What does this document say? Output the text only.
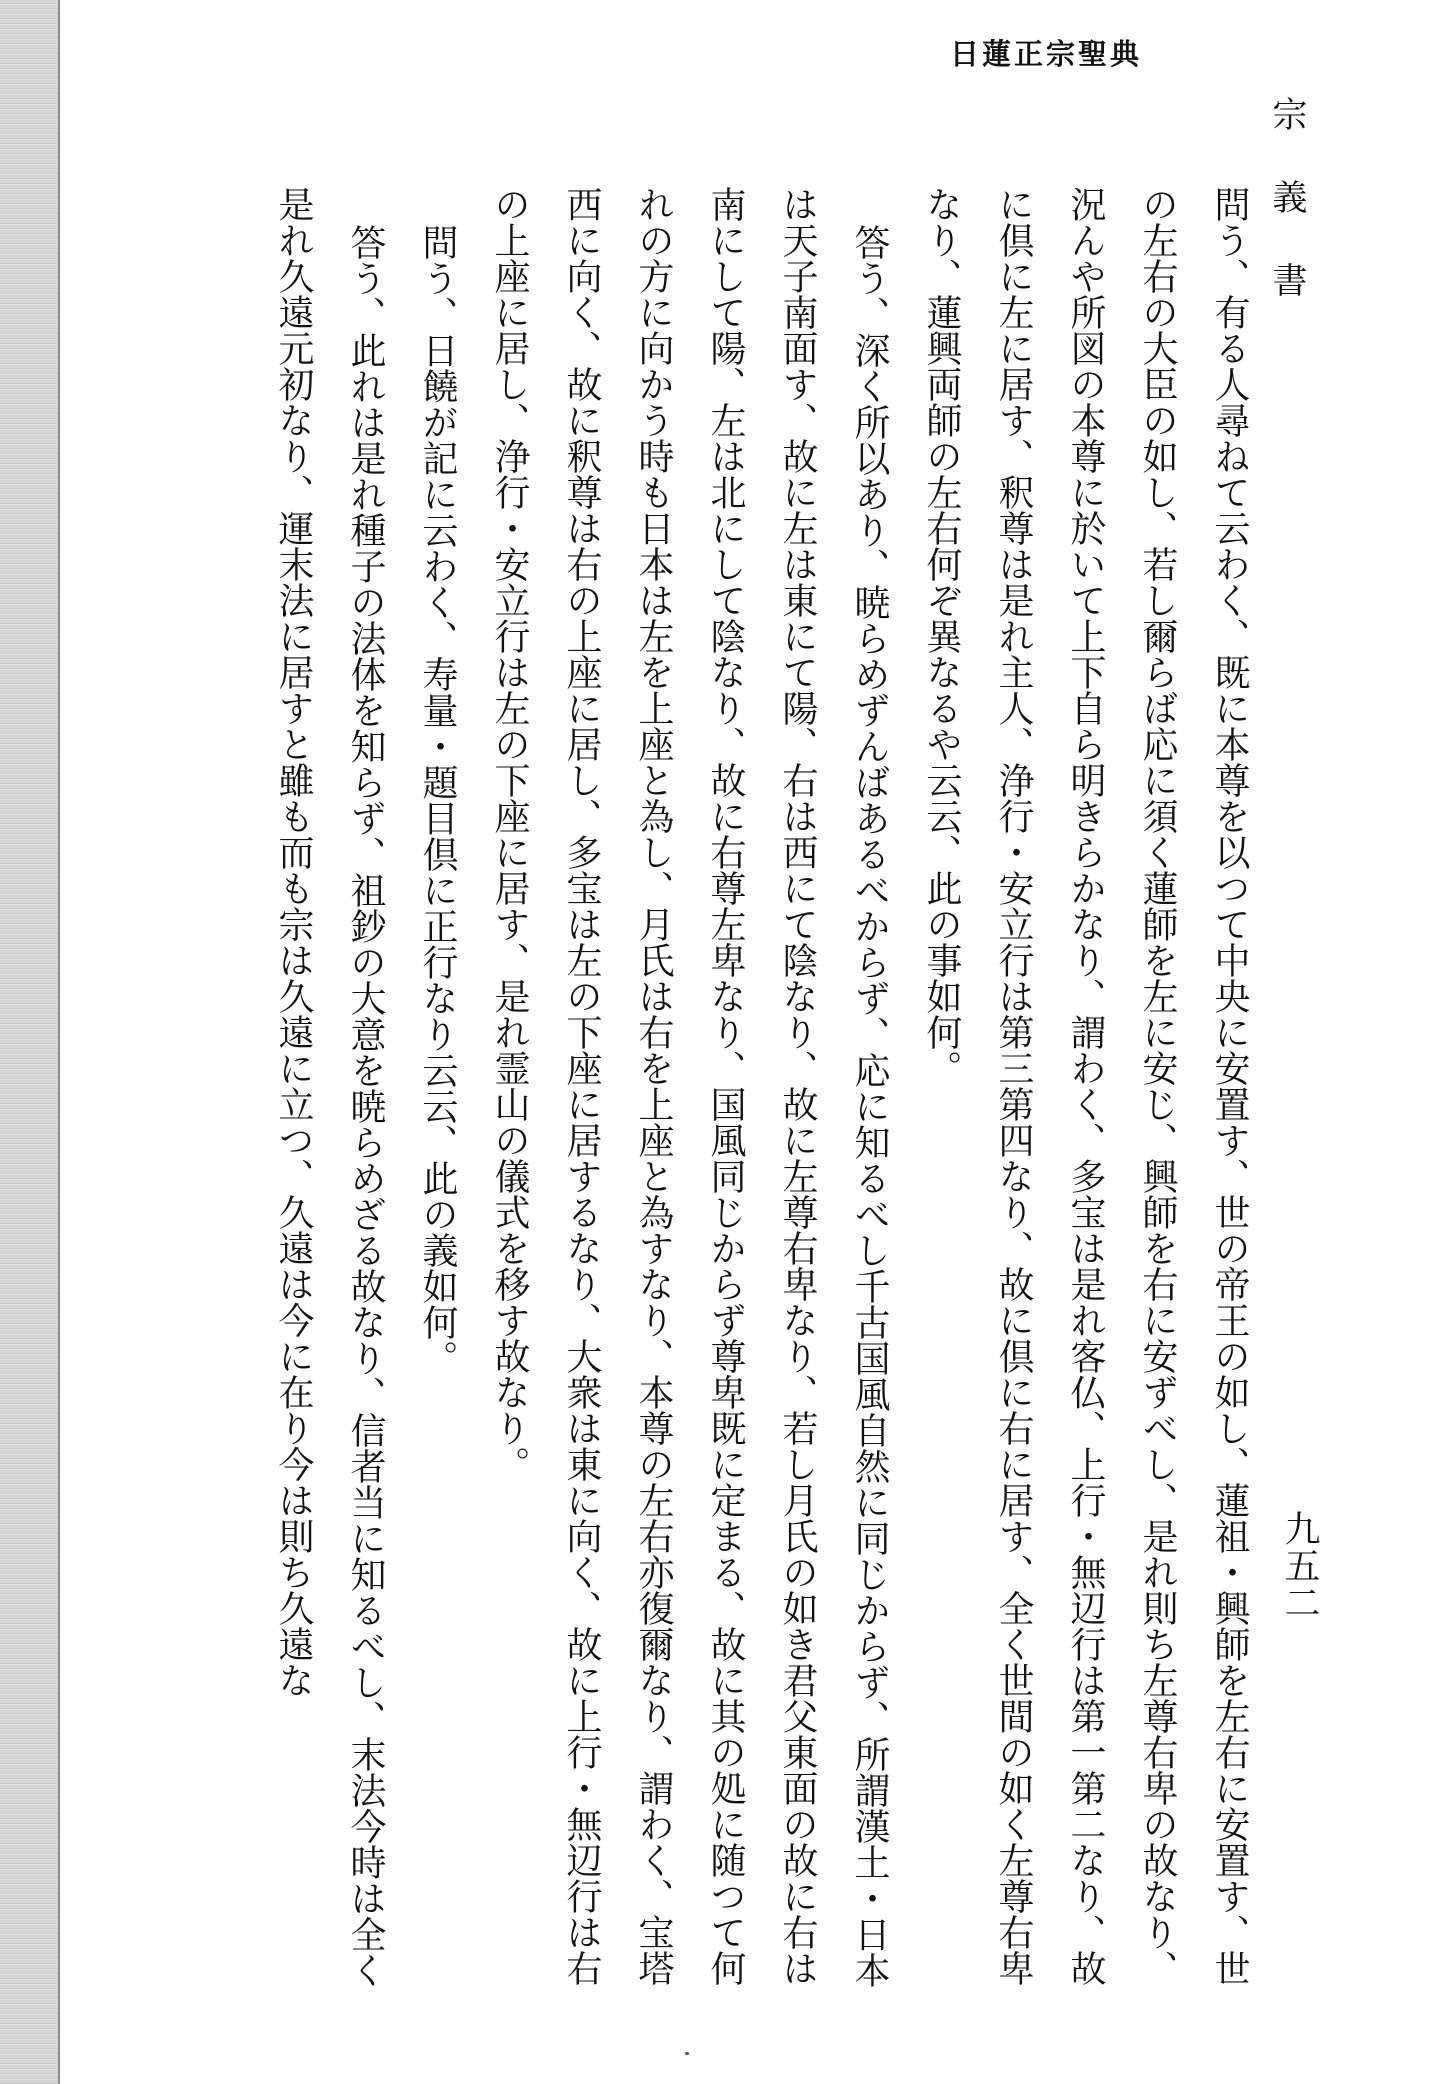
日蓮正宗聖典
宗義書
九五二

問う、有る人尋ねて云わく、既に本尊を以つて中央に安置す、世の帝王の如し、蓮祖・興師を左右に安置す、世の左右の大臣の如し、若し爾らば応に須く蓮師を左に安じ、興師を右に安ずべし、是れ則ち左尊右卑の故なり、況んや所図の本尊に於いて上下自ら明きらかなり、謂わく、多宝は是れ客仏、上行・無辺行は第一第二なり、故に倶に左に居す、釈尊は是れ主人、浄行・安立行は第三第四なり、故に倶に右に居す、全く世間の如く左尊右卑なり、蓮興両師の左右何ぞ異なるや云云、此の事如何。

答う、深く所以あり、暁らめずんばあるべからず、応に知るべし千古国風自然に同じからず、所謂漢土・日本は天子南面す、故に左は東にて陽、右は西にて陰なり、故に左尊右卑なり、若し月氏の如き君父東面の故に右は南にして陽、左は北にして陰なり、故に右尊左卑なり、国風同じからず尊卑既に定まる、故に其の処に随つて何れの方に向かう時も日本は左を上座と為し、月氏は右を上座と為すなり、本尊の左右亦復爾なり、謂わく、宝塔西に向く、故に釈尊は右の上座に居し、多宝は左の下座に居するなり、大衆は東に向く、故に上行・無辺行は右の上座に居し、浄行・安立行は左の下座に居す、是れ霊山の儀式を移す故なり。

問う、日饒が記に云わく、寿量・題目倶に正行なり云云、此の義如何。

答う、此れは是れ種子の法体を知らず、祖鈔の大意を暁らめざる故なり、信者当に知るべし、末法今時は全く是れ久遠元初なり、運末法に居すと雖も而も宗は久遠に立つ、久遠は今に在り今は則ち久遠な
